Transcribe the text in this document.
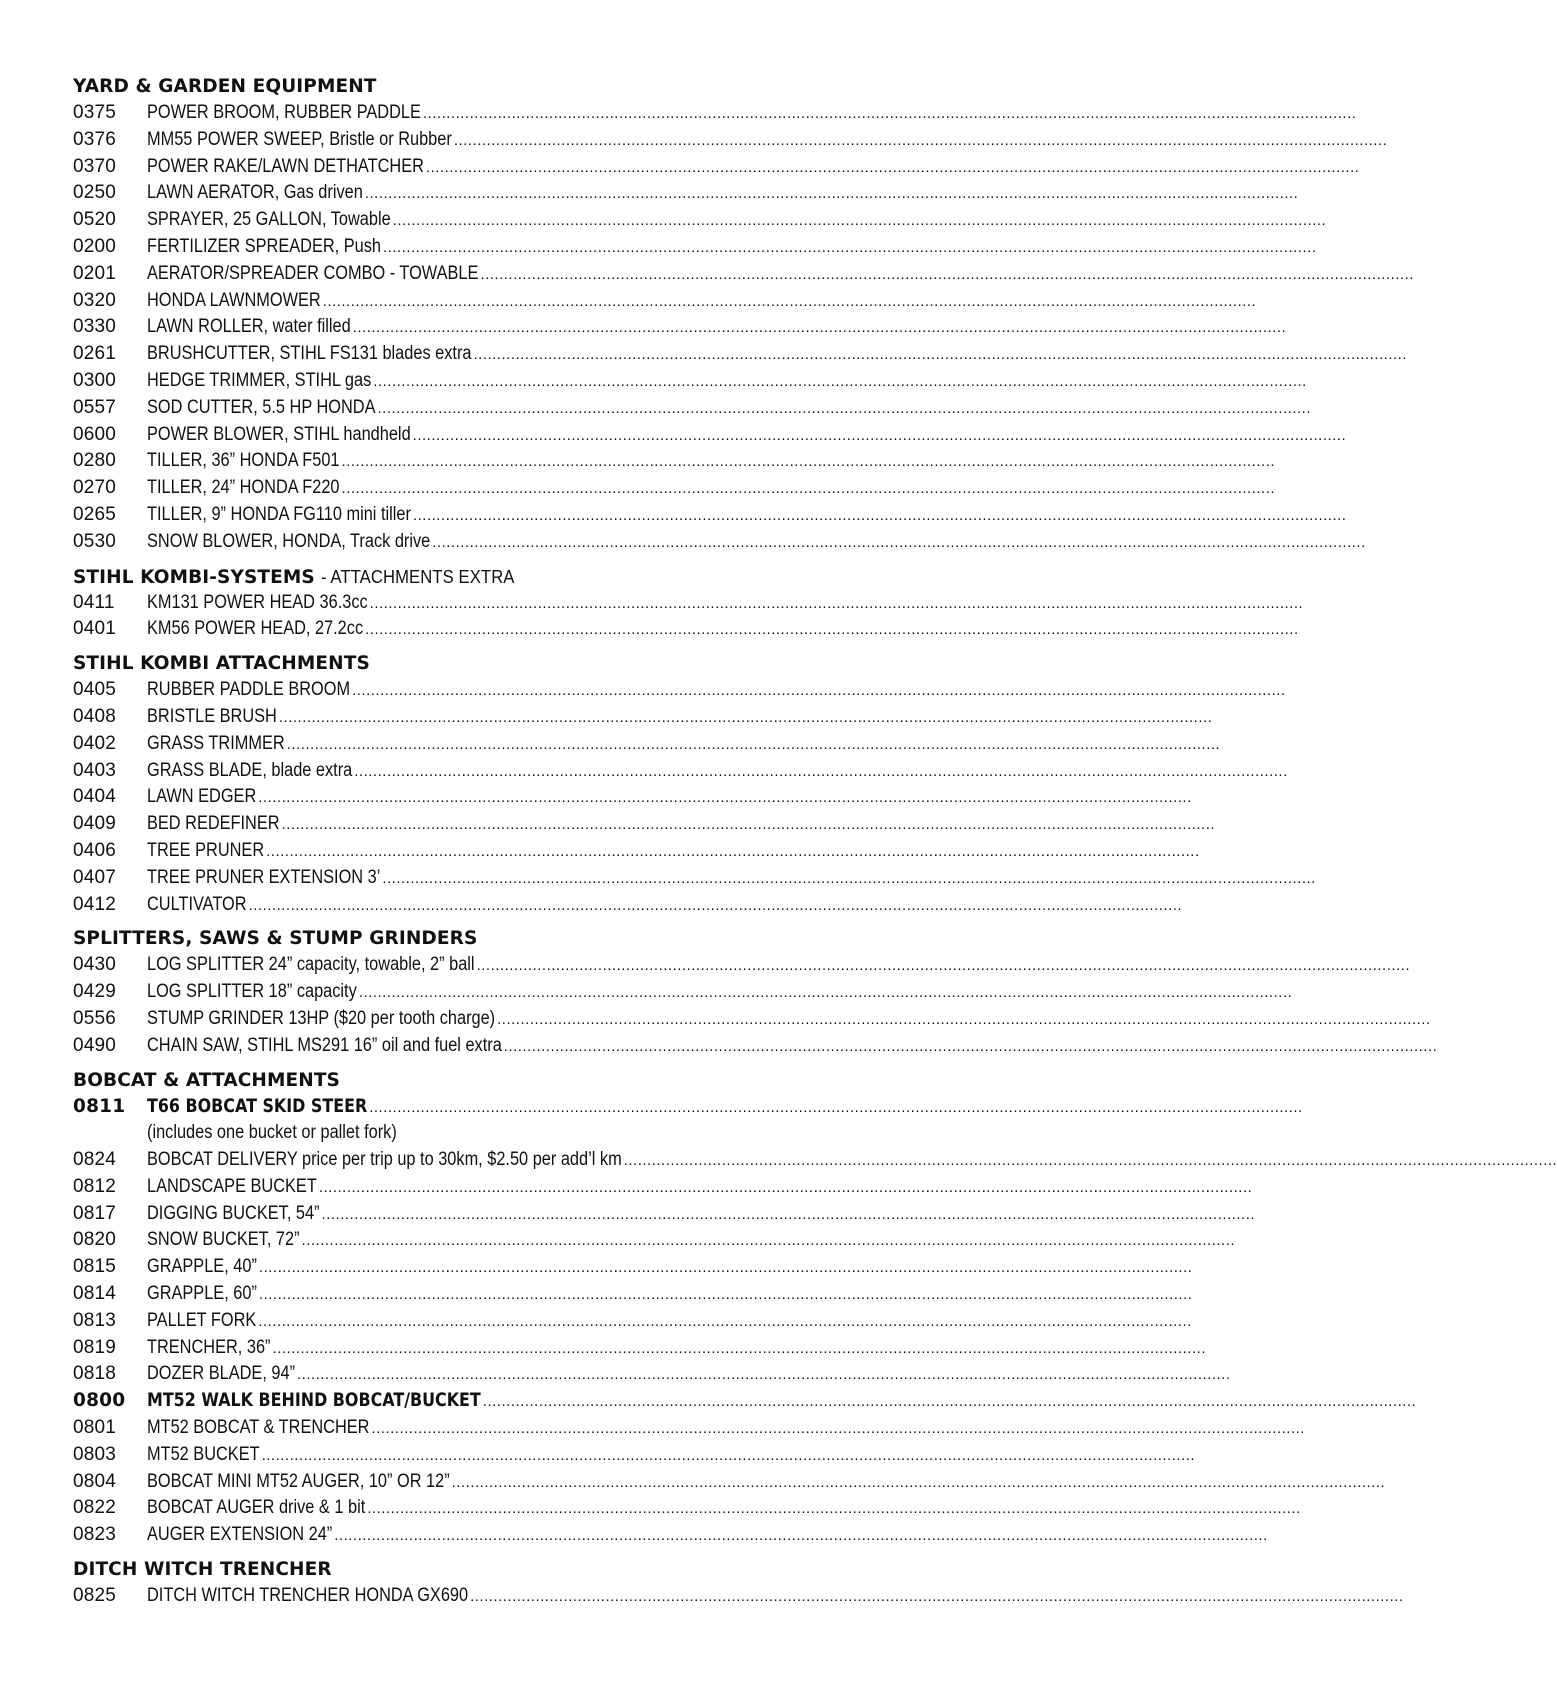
YARD & GARDEN EQUIPMENT
0375	POWER BROOM, RUBBER PADDLE ........................................................................................................................................................................................................
0376	MM55 POWER SWEEP, Bristle or Rubber ........................................................................................................................................................................................................
0370	POWER RAKE/LAWN DETHATCHER ........................................................................................................................................................................................................
0250	LAWN AERATOR, Gas driven ........................................................................................................................................................................................................
0520	SPRAYER, 25 GALLON, Towable ........................................................................................................................................................................................................
0200	FERTILIZER SPREADER, Push ........................................................................................................................................................................................................
0201	AERATOR/SPREADER COMBO - TOWABLE ........................................................................................................................................................................................................
0320	HONDA LAWNMOWER ........................................................................................................................................................................................................
0330	LAWN ROLLER, water filled ........................................................................................................................................................................................................
0261	BRUSHCUTTER, STIHL FS131 blades extra ........................................................................................................................................................................................................
0300	HEDGE TRIMMER, STIHL gas ........................................................................................................................................................................................................
0557	SOD CUTTER, 5.5 HP HONDA ........................................................................................................................................................................................................
0600	POWER BLOWER, STIHL handheld ........................................................................................................................................................................................................
0280	TILLER, 36” HONDA F501 ........................................................................................................................................................................................................
0270	TILLER, 24” HONDA F220 ........................................................................................................................................................................................................
0265	TILLER, 9” HONDA FG110 mini tiller ........................................................................................................................................................................................................
0530	SNOW BLOWER, HONDA, Track drive ........................................................................................................................................................................................................
STIHL KOMBI-SYSTEMS - ATTACHMENTS EXTRA
0411	KM131 POWER HEAD 36.3cc ........................................................................................................................................................................................................
0401	KM56 POWER HEAD, 27.2cc ........................................................................................................................................................................................................
STIHL KOMBI ATTACHMENTS
0405	RUBBER PADDLE BROOM ........................................................................................................................................................................................................
0408	BRISTLE BRUSH ........................................................................................................................................................................................................
0402	GRASS TRIMMER ........................................................................................................................................................................................................
0403	GRASS BLADE, blade extra ........................................................................................................................................................................................................
0404	LAWN EDGER ........................................................................................................................................................................................................
0409	BED REDEFINER ........................................................................................................................................................................................................
0406	TREE PRUNER ........................................................................................................................................................................................................
0407	TREE PRUNER EXTENSION 3’ ........................................................................................................................................................................................................
0412	CULTIVATOR ........................................................................................................................................................................................................
SPLITTERS, SAWS & STUMP GRINDERS
0430	LOG SPLITTER 24” capacity, towable, 2” ball ........................................................................................................................................................................................................
0429	LOG SPLITTER 18” capacity ........................................................................................................................................................................................................
0556	STUMP GRINDER 13HP ($20 per tooth charge) ........................................................................................................................................................................................................
0490	CHAIN SAW, STIHL MS291 16” oil and fuel extra ........................................................................................................................................................................................................
BOBCAT & ATTACHMENTS
0811	T66 BOBCAT SKID STEER ........................................................................................................................................................................................................
(includes one bucket or pallet fork)
0824	BOBCAT DELIVERY price per trip up to 30km, $2.50 per add’l km ........................................................................................................................................................................................................
0812	LANDSCAPE BUCKET ........................................................................................................................................................................................................
0817	DIGGING BUCKET, 54” ........................................................................................................................................................................................................
0820	SNOW BUCKET, 72” ........................................................................................................................................................................................................
0815	GRAPPLE, 40” ........................................................................................................................................................................................................
0814	GRAPPLE, 60” ........................................................................................................................................................................................................
0813	PALLET FORK ........................................................................................................................................................................................................
0819	TRENCHER, 36” ........................................................................................................................................................................................................
0818	DOZER BLADE, 94” ........................................................................................................................................................................................................
0800	MT52 WALK BEHIND BOBCAT/BUCKET ........................................................................................................................................................................................................
0801	MT52 BOBCAT & TRENCHER ........................................................................................................................................................................................................
0803	MT52 BUCKET ........................................................................................................................................................................................................
0804	BOBCAT MINI MT52 AUGER, 10” OR 12” ........................................................................................................................................................................................................
0822	BOBCAT AUGER drive & 1 bit ........................................................................................................................................................................................................
0823	AUGER EXTENSION 24” ........................................................................................................................................................................................................
DITCH WITCH TRENCHER
0825	DITCH WITCH TRENCHER HONDA GX690 ........................................................................................................................................................................................................
